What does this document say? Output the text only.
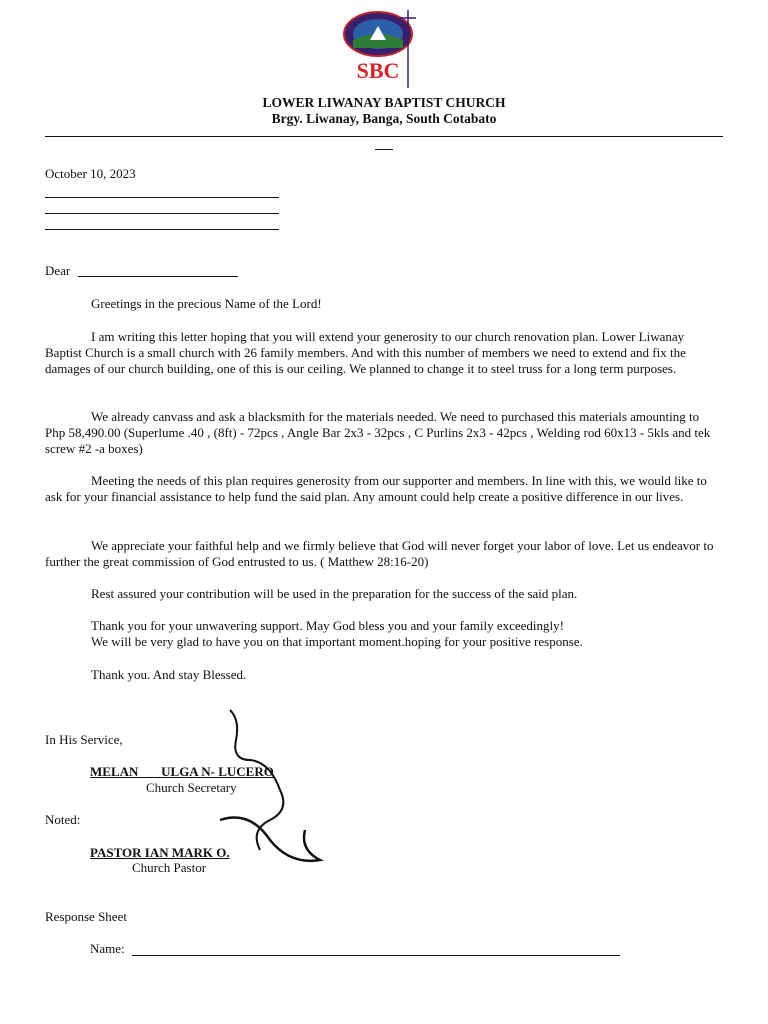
SBC
LOWER LIWANAY BAPTIST CHURCH
Brgy. Liwanay, Banga, South Cotabato
October 10, 2023
Dear

Greetings in the precious Name of the Lord!

I am writing this letter hoping that you will extend your generosity to our church renovation plan. Lower Liwanay Baptist Church is a small church with 26 family members. And with this number of members we need to extend and fix the damages of our church building, one of this is our ceiling. We planned to change it to steel truss for a long term purposes.

We already canvass and ask a blacksmith for the materials needed. We need to purchased this materials amounting to Php 58,490.00 (Superlume .40 , (8ft) - 72pcs , Angle Bar 2x3 - 32pcs , C Purlins 2x3 - 42pcs , Welding rod 60x13 - 5kls and tek screw #2 -a boxes)

Meeting the needs of this plan requires generosity from our supporter and members. In line with this, we would like to ask for your financial assistance to help fund the said plan. Any amount could help create a positive difference in our lives.

We appreciate your faithful help and we firmly believe that God will never forget your labor of love. Let us endeavor to further the great commission of God entrusted to us. ( Matthew 28:16-20)

Rest assured your contribution will be used in the preparation for the success of the said plan.

Thank you for your unwavering support. May God bless you and your family exceedingly!

We will be very glad to have you on that important moment.hoping for your positive response.

Thank you. And stay Blessed.

In His Service,
MELAN       ULGA N- LUCERO
Church Secretary
Noted:
PASTOR IAN MARK O.
Church Pastor
Response Sheet
Name:
